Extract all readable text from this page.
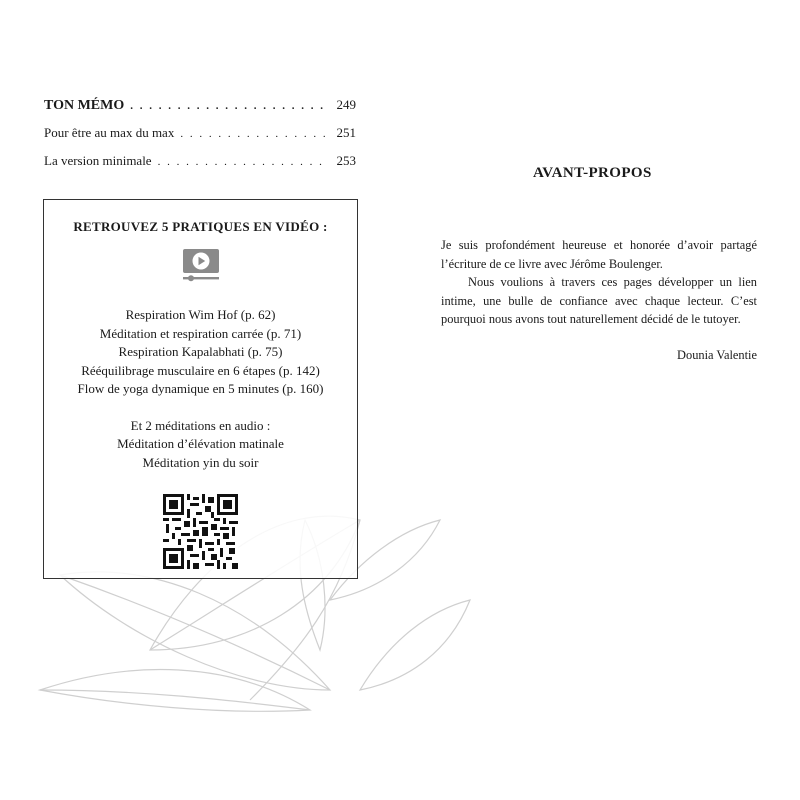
TON MÉMO . . .	249
Pour être au max du max . . .	251
La version minimale . . .	253
RETROUVEZ 5 PRATIQUES EN VIDÉO :
Respiration Wim Hof (p. 62)
Méditation et respiration carrée (p. 71)
Respiration Kapalabhati (p. 75)
Rééquilibrage musculaire en 6 étapes (p. 142)
Flow de yoga dynamique en 5 minutes (p. 160)
Et 2 méditations en audio :
Méditation d’élévation matinale
Méditation yin du soir
AVANT-PROPOS

Je suis profondément heureuse et honorée d’avoir partagé l’écriture de ce livre avec Jérôme Boulenger.

Nous voulions à travers ces pages développer un lien intime, une bulle de confiance avec chaque lecteur. C’est pourquoi nous avons tout naturellement décidé de le tutoyer.

Dounia Valentie
